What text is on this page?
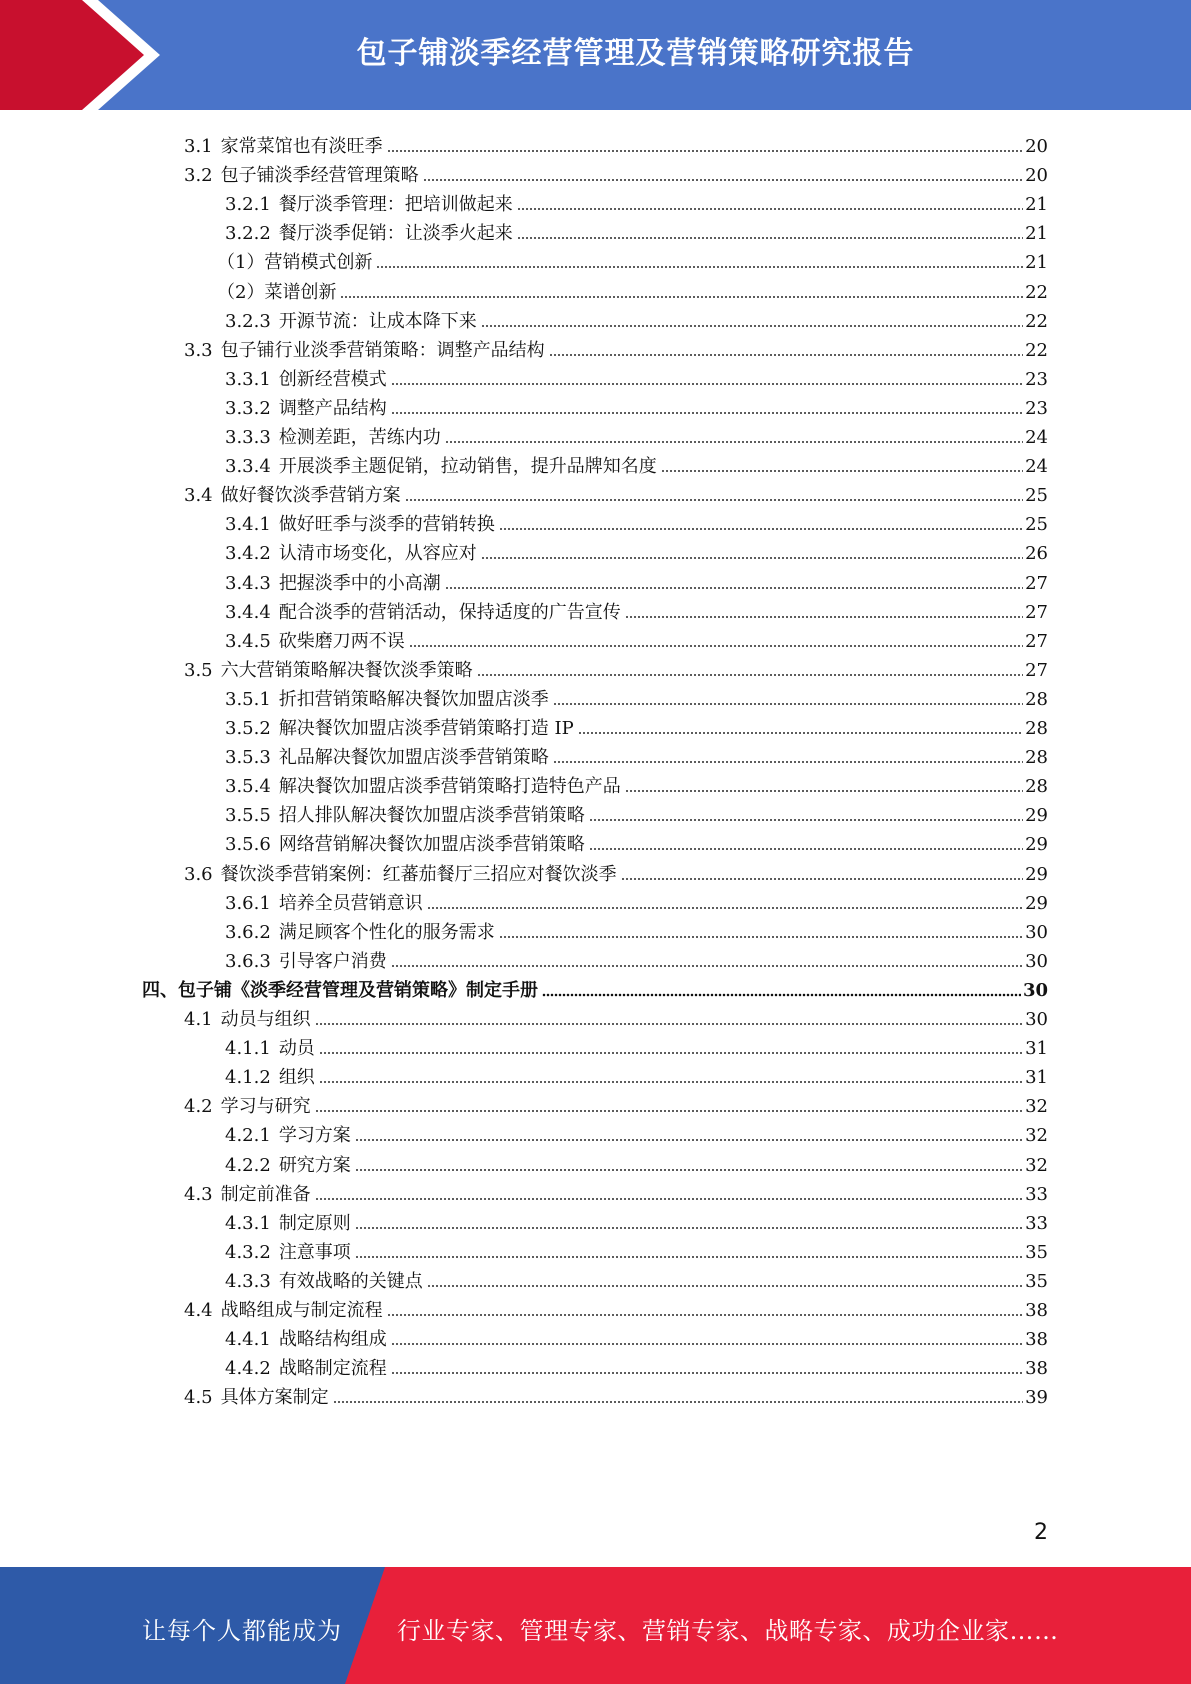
包子铺淡季经营管理及营销策略研究报告
3.1 家常菜馆也有淡旺季	20
3.2 包子铺淡季经营管理策略	20
3.2.1 餐厅淡季管理：把培训做起来	21
3.2.2 餐厅淡季促销：让淡季火起来	21
（1） 营销模式创新	21
（2） 菜谱创新	22
3.2.3 开源节流：让成本降下来	22
3.3 包子铺行业淡季营销策略：调整产品结构	22
3.3.1 创新经营模式	23
3.3.2 调整产品结构	23
3.3.3 检测差距，苦练内功	24
3.3.4 开展淡季主题促销，拉动销售，提升品牌知名度	24
3.4 做好餐饮淡季营销方案	25
3.4.1 做好旺季与淡季的营销转换	25
3.4.2 认清市场变化，从容应对	26
3.4.3 把握淡季中的小高潮	27
3.4.4 配合淡季的营销活动，保持适度的广告宣传	27
3.4.5 砍柴磨刀两不误	27
3.5 六大营销策略解决餐饮淡季策略	27
3.5.1 折扣营销策略解决餐饮加盟店淡季	28
3.5.2 解决餐饮加盟店淡季营销策略打造 IP	28
3.5.3 礼品解决餐饮加盟店淡季营销策略	28
3.5.4 解决餐饮加盟店淡季营销策略打造特色产品	28
3.5.5 招人排队解决餐饮加盟店淡季营销策略	29
3.5.6 网络营销解决餐饮加盟店淡季营销策略	29
3.6 餐饮淡季营销案例：红蕃茄餐厅三招应对餐饮淡季	29
3.6.1 培养全员营销意识	29
3.6.2 满足顾客个性化的服务需求	30
3.6.3 引导客户消费	30
四、 包子铺《淡季经营管理及营销策略》制定手册	30
4.1 动员与组织	30
4.1.1 动员	31
4.1.2 组织	31
4.2 学习与研究	32
4.2.1 学习方案	32
4.2.2 研究方案	32
4.3 制定前准备	33
4.3.1 制定原则	33
4.3.2 注意事项	35
4.3.3 有效战略的关键点	35
4.4 战略组成与制定流程	38
4.4.1 战略结构组成	38
4.4.2 战略制定流程	38
4.5 具体方案制定	39
2
让每个人都能成为 行业专家、管理专家、营销专家、战略专家、成功企业家……
